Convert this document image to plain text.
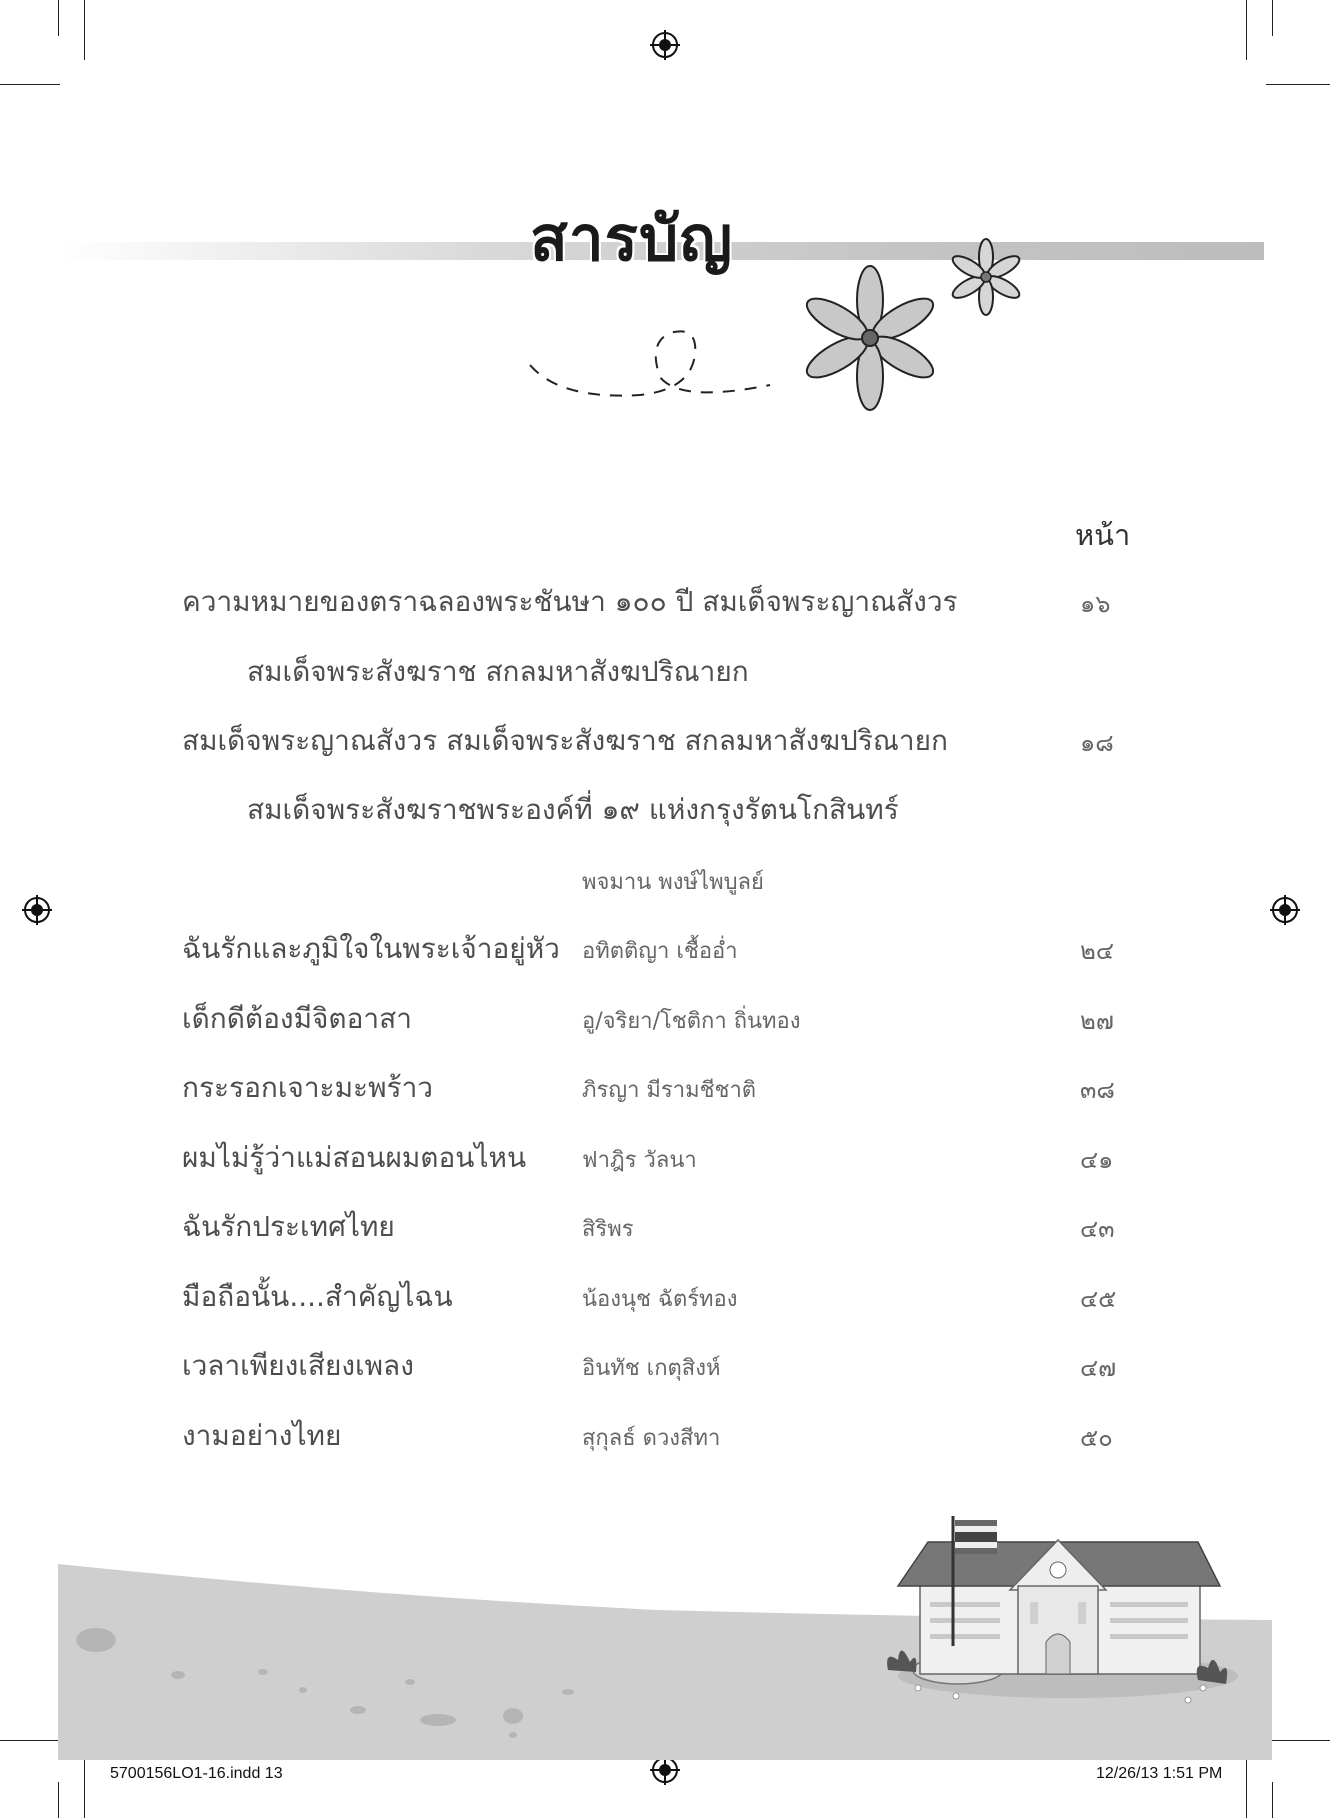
สารบัญ
หน้า
ความหมายของตราฉลองพระชันษา ๑๐๐ ปี สมเด็จพระญาณสังวร	๑๖
สมเด็จพระสังฆราช สกลมหาสังฆปริณายก
สมเด็จพระญาณสังวร สมเด็จพระสังฆราช สกลมหาสังฆปริณายก	๑๘
สมเด็จพระสังฆราชพระองค์ที่ ๑๙ แห่งกรุงรัตนโกสินทร์
พจมาน พงษ์ไพบูลย์
ฉันรักและภูมิใจในพระเจ้าอยู่หัว อทิตติญา เชื้ออ่ำ	๒๔
เด็กดีต้องมีจิตอาสา	อู/จริยา/โชติกา ถิ่นทอง	๒๗
กระรอกเจาะมะพร้าว	ภิรญา มีรามชีชาติ	๓๘
ผมไม่รู้ว่าแม่สอนผมตอนไหน	ฟาฎิร วัลนา	๔๑
ฉันรักประเทศไทย	สิริพร	๔๓
มือถือนั้น....สำคัญไฉน	น้องนุช ฉัตร์ทอง	๔๕
เวลาเพียงเสียงเพลง	อินทัช เกตุสิงห์	๔๗
งามอย่างไทย	สุกุลธ์ ดวงสีทา	๕๐
5700156LO1-16.indd 13	12/26/13 1:51 PM
